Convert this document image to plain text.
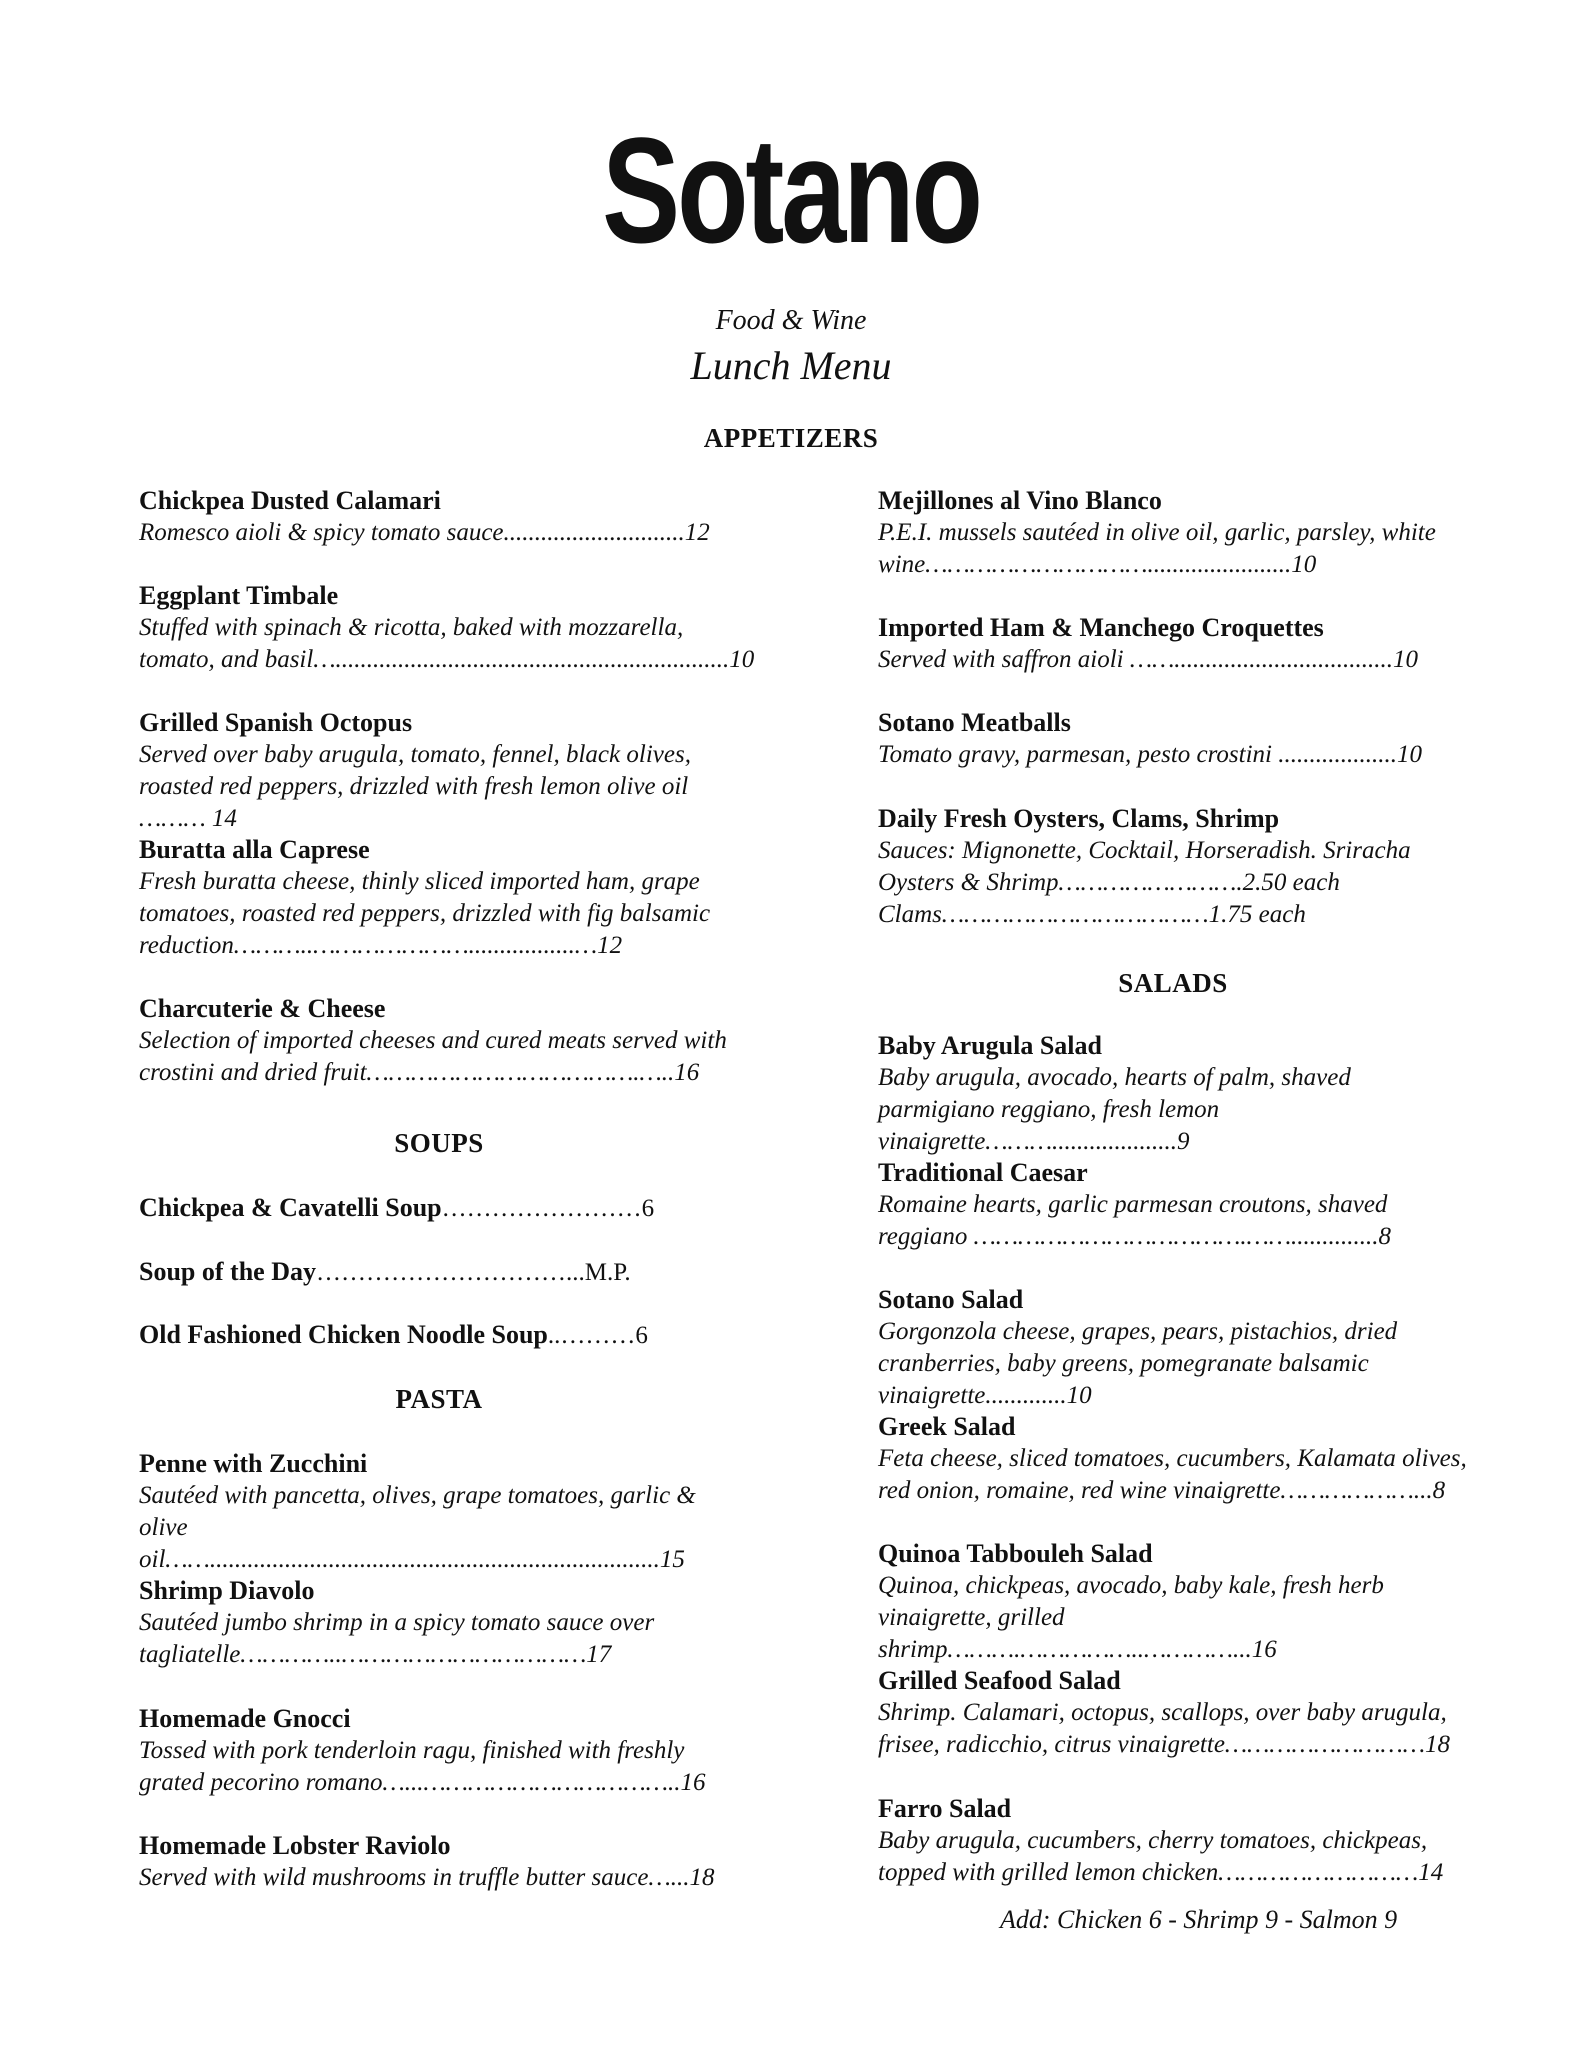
Sotano
Food & Wine
Lunch Menu
APPETIZERS
Chickpea Dusted Calamari
Romesco aioli & spicy tomato sauce.............................12
Eggplant Timbale
Stuffed with spinach & ricotta, baked with mozzarella, tomato, and basil…...............................................................10
Grilled Spanish Octopus
Served over baby arugula, tomato, fennel, black olives, roasted red peppers, drizzled with fresh lemon olive oil ……… 14
Buratta alla Caprese
Fresh buratta cheese, thinly sliced imported ham, grape tomatoes, roasted red peppers, drizzled with fig balsamic reduction………..………………….................…12
Charcuterie & Cheese
Selection of imported cheeses and cured meats served with crostini and dried fruit……………………………….…..16
Mejillones al Vino Blanco
P.E.I. mussels sautéed in olive oil, garlic, parsley, white wine………………………….......................10
Imported Ham & Manchego Croquettes
Served with saffron aioli ……...................................10
Sotano Meatballs
Tomato gravy, parmesan, pesto crostini ...................10
Daily Fresh Oysters, Clams, Shrimp
Sauces: Mignonette, Cocktail, Horseradish. Sriracha
Oysters & Shrimp…………………….2.50 each
Clams………………………………1.75 each
SOUPS
Chickpea & Cavatelli Soup……………………6
Soup of the Day…………………………...M.P.
Old Fashioned Chicken Noodle Soup..………6
PASTA
Penne with Zucchini
Sautéed with pancetta, olives, grape tomatoes, garlic & olive oil……........................................................................15
Shrimp Diavolo
Sautéed jumbo shrimp in a spicy tomato sauce over tagliatelle…………..……………………………17
Homemade Gnocci
Tossed with pork tenderloin ragu, finished with freshly grated pecorino romano…...……………………………..16
Homemade Lobster Raviolo
Served with wild mushrooms in truffle butter sauce…...18
SALADS
Baby Arugula Salad
Baby arugula, avocado, hearts of palm, shaved parmigiano reggiano, fresh lemon vinaigrette………....................9
Traditional Caesar
Romaine hearts, garlic parmesan croutons, shaved reggiano ……………………………….……..............8
Sotano Salad
Gorgonzola cheese, grapes, pears, pistachios, dried cranberries, baby greens, pomegranate balsamic vinaigrette.............10
Greek Salad
Feta cheese, sliced tomatoes, cucumbers, Kalamata olives, red onion, romaine, red wine vinaigrette………………...8
Quinoa Tabbouleh Salad
Quinoa, chickpeas, avocado, baby kale, fresh herb vinaigrette, grilled shrimp……….……………..…………...16
Grilled Seafood Salad
Shrimp. Calamari, octopus, scallops, over baby arugula, frisee, radicchio, citrus vinaigrette………………………18
Farro Salad
Baby arugula, cucumbers, cherry tomatoes, chickpeas, topped with grilled lemon chicken………………………14
Add: Chicken 6 - Shrimp 9 - Salmon 9
